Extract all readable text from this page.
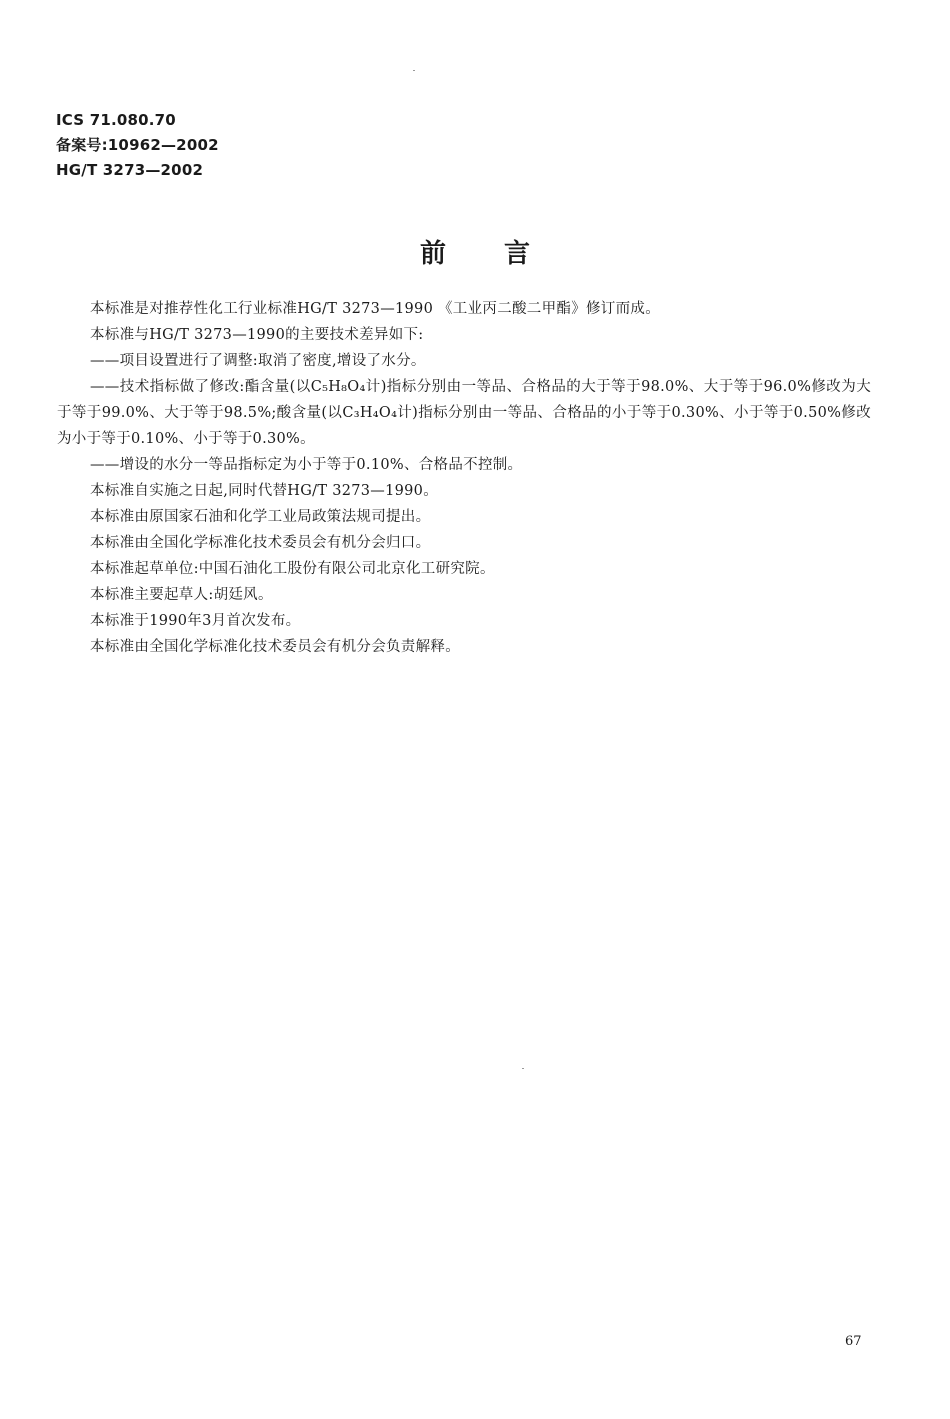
ICS 71.080.70
备案号:10962—2002
HG/T 3273—2002
前言

本标准是对推荐性化工行业标准HG/T 3273—1990 《工业丙二酸二甲酯》修订而成。

本标准与HG/T 3273—1990的主要技术差异如下:

——项目设置进行了调整:取消了密度,增设了水分。

——技术指标做了修改:酯含量(以C₅H₈O₄计)指标分别由一等品、合格品的大于等于98.0%、大于等于96.0%修改为大于等于99.0%、大于等于98.5%;酸含量(以C₃H₄O₄计)指标分别由一等品、合格品的小于等于0.30%、小于等于0.50%修改为小于等于0.10%、小于等于0.30%。

——增设的水分一等品指标定为小于等于0.10%、合格品不控制。

本标准自实施之日起,同时代替HG/T 3273—1990。

本标准由原国家石油和化学工业局政策法规司提出。

本标准由全国化学标准化技术委员会有机分会归口。

本标准起草单位:中国石油化工股份有限公司北京化工研究院。

本标准主要起草人:胡廷风。

本标准于1990年3月首次发布。

本标准由全国化学标准化技术委员会有机分会负责解释。

67
